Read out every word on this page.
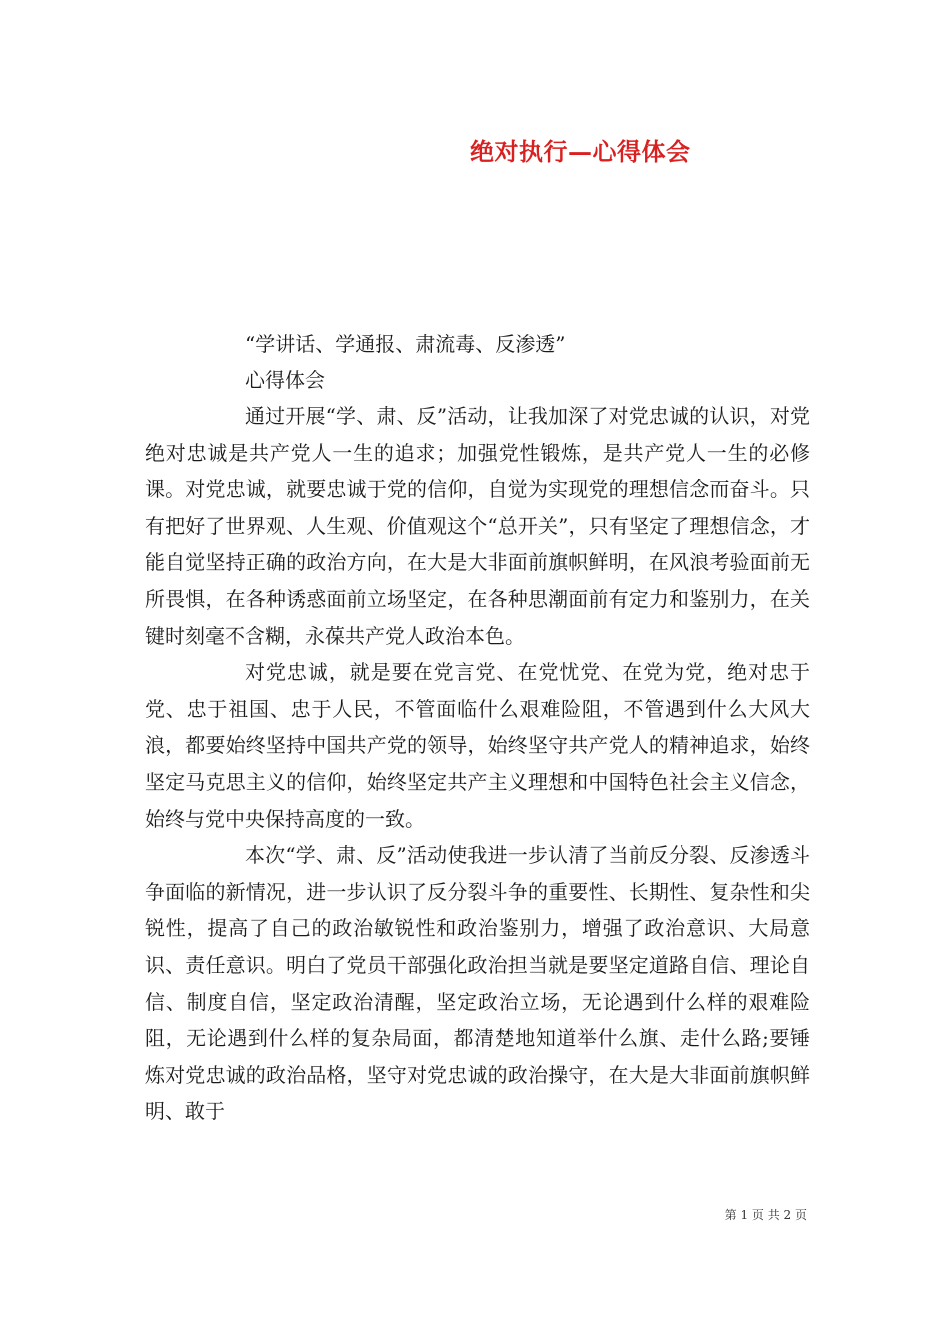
绝对执行—心得体会
“学讲话、学通报、肃流毒、反渗透”
心得体会

通过开展“学、肃、反”活动，让我加深了对党忠诚的认识，对党绝对忠诚是共产党人一生的追求；加强党性锻炼，是共产党人一生的必修课。对党忠诚，就要忠诚于党的信仰，自觉为实现党的理想信念而奋斗。只有把好了世界观、人生观、价值观这个“总开关”，只有坚定了理想信念，才能自觉坚持正确的政治方向，在大是大非面前旗帜鲜明，在风浪考验面前无所畏惧，在各种诱惑面前立场坚定，在各种思潮面前有定力和鉴别力，在关键时刻毫不含糊，永葆共产党人政治本色。

对党忠诚，就是要在党言党、在党忧党、在党为党，绝对忠于党、忠于祖国、忠于人民，不管面临什么艰难险阻，不管遇到什么大风大浪，都要始终坚持中国共产党的领导，始终坚守共产党人的精神追求，始终坚定马克思主义的信仰，始终坚定共产主义理想和中国特色社会主义信念，始终与党中央保持高度的一致。

本次“学、肃、反”活动使我进一步认清了当前反分裂、反渗透斗争面临的新情况，进一步认识了反分裂斗争的重要性、长期性、复杂性和尖锐性，提高了自己的政治敏锐性和政治鉴别力，增强了政治意识、大局意识、责任意识。明白了党员干部强化政治担当就是要坚定道路自信、理论自信、制度自信，坚定政治清醒，坚定政治立场，无论遇到什么样的艰难险阻，无论遇到什么样的复杂局面，都清楚地知道举什么旗、走什么路;要锤炼对党忠诚的政治品格，坚守对党忠诚的政治操守，在大是大非面前旗帜鲜明、敢于

第 1 页 共 2 页
